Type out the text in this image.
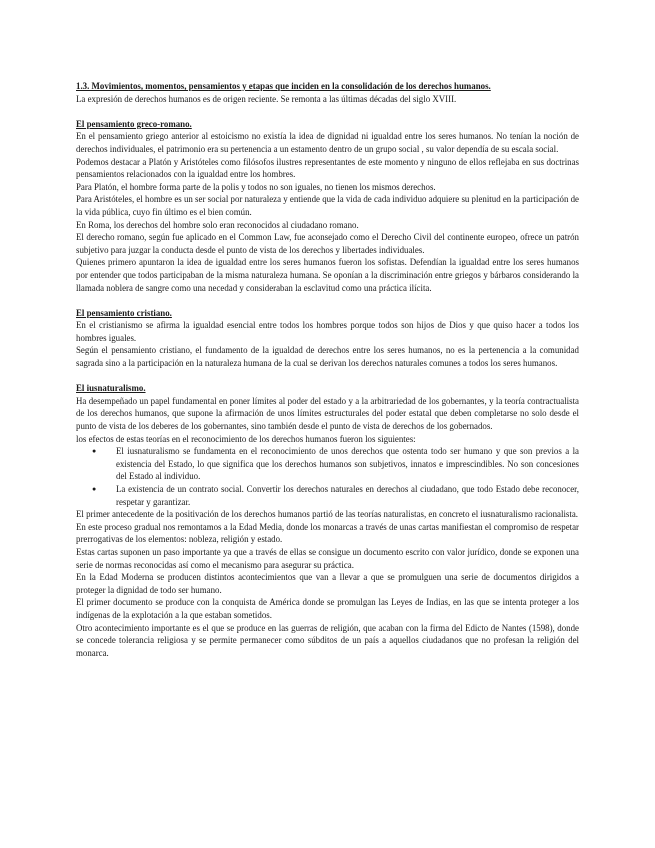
1.3. Movimientos, momentos, pensamientos y etapas que inciden en la consolidación de los derechos humanos.

La expresión de derechos humanos es de origen reciente. Se remonta a las últimas décadas del siglo XVIII.

El pensamiento greco-romano.

En el pensamiento griego anterior al estoicismo no existía la idea de dignidad ni igualdad entre los seres humanos. No tenían la noción de derechos individuales, el patrimonio era su pertenencia a un estamento dentro de un grupo social , su valor dependía de su escala social.

Podemos destacar a Platón y Aristóteles como filósofos ilustres representantes de este momento y ninguno de ellos reflejaba en sus doctrinas pensamientos relacionados con la igualdad entre los hombres.

Para Platón, el hombre forma parte de la polis y todos no son iguales, no tienen los mismos derechos.

Para Aristóteles, el hombre es un ser social por naturaleza y entiende que la vida de cada individuo adquiere su plenitud en la participación de la vida pública, cuyo fin último es el bien común.

En Roma, los derechos del hombre solo eran reconocidos al ciudadano romano.

El derecho romano, según fue aplicado en el Common Law, fue aconsejado como el Derecho Civil del continente europeo, ofrece un patrón subjetivo para juzgar la conducta desde el punto de vista de los derechos y libertades individuales.

Quienes primero apuntaron la idea de igualdad entre los seres humanos fueron los sofistas. Defendían la igualdad entre los seres humanos por entender que todos participaban de la misma naturaleza humana. Se oponían a la discriminación entre griegos y bárbaros considerando la llamada noblera de sangre como una necedad y consideraban la esclavitud como una práctica ilícita.

El pensamiento cristiano.

En el cristianismo se afirma la igualdad esencial entre todos los hombres porque todos son hijos de Dios y que quiso hacer a todos los hombres iguales.

Según el pensamiento cristiano, el fundamento de la igualdad de derechos entre los seres humanos, no es la pertenencia a la comunidad sagrada sino a la participación en la naturaleza humana de la cual se derivan los derechos naturales comunes a todos los seres humanos.

El iusnaturalismo.

Ha desempeñado un papel fundamental en poner límites al poder del estado y a la arbitrariedad de los gobernantes, y la teoría contractualista de los derechos humanos, que supone la afirmación de unos límites estructurales del poder estatal que deben completarse no solo desde el punto de vista de los deberes de los gobernantes, sino también desde el punto de vista de derechos de los gobernados.

los efectos de estas teorías en el reconocimiento de los derechos humanos fueron los siguientes:

● El iusnaturalismo se fundamenta en el reconocimiento de unos derechos que ostenta todo ser humano y que son previos a la existencia del Estado, lo que significa que los derechos humanos son subjetivos, innatos e imprescindibles. No son concesiones del Estado al individuo.
● La existencia de un contrato social. Convertir los derechos naturales en derechos al ciudadano, que todo Estado debe reconocer, respetar y garantizar.

El primer antecedente de la positivación de los derechos humanos partió de las teorías naturalistas, en concreto el iusnaturalismo racionalista.

En este proceso gradual nos remontamos a la Edad Media, donde los monarcas a través de unas cartas manifiestan el compromiso de respetar prerrogativas de los elementos: nobleza, religión y estado.

Estas cartas suponen un paso importante ya que a través de ellas se consigue un documento escrito con valor jurídico, donde se exponen una serie de normas reconocidas así como el mecanismo para asegurar su práctica.

En la Edad Moderna se producen distintos acontecimientos que van a llevar a que se promulguen una serie de documentos dirigidos a proteger la dignidad de todo ser humano.

El primer documento se produce con la conquista de América donde se promulgan las Leyes de Indias, en las que se intenta proteger a los indígenas de la explotación a la que estaban sometidos.

Otro acontecimiento importante es el que se produce en las guerras de religión, que acaban con la firma del Edicto de Nantes (1598), donde se concede tolerancia religiosa y se permite permanecer como súbditos de un país a aquellos ciudadanos que no profesan la religión del monarca.
